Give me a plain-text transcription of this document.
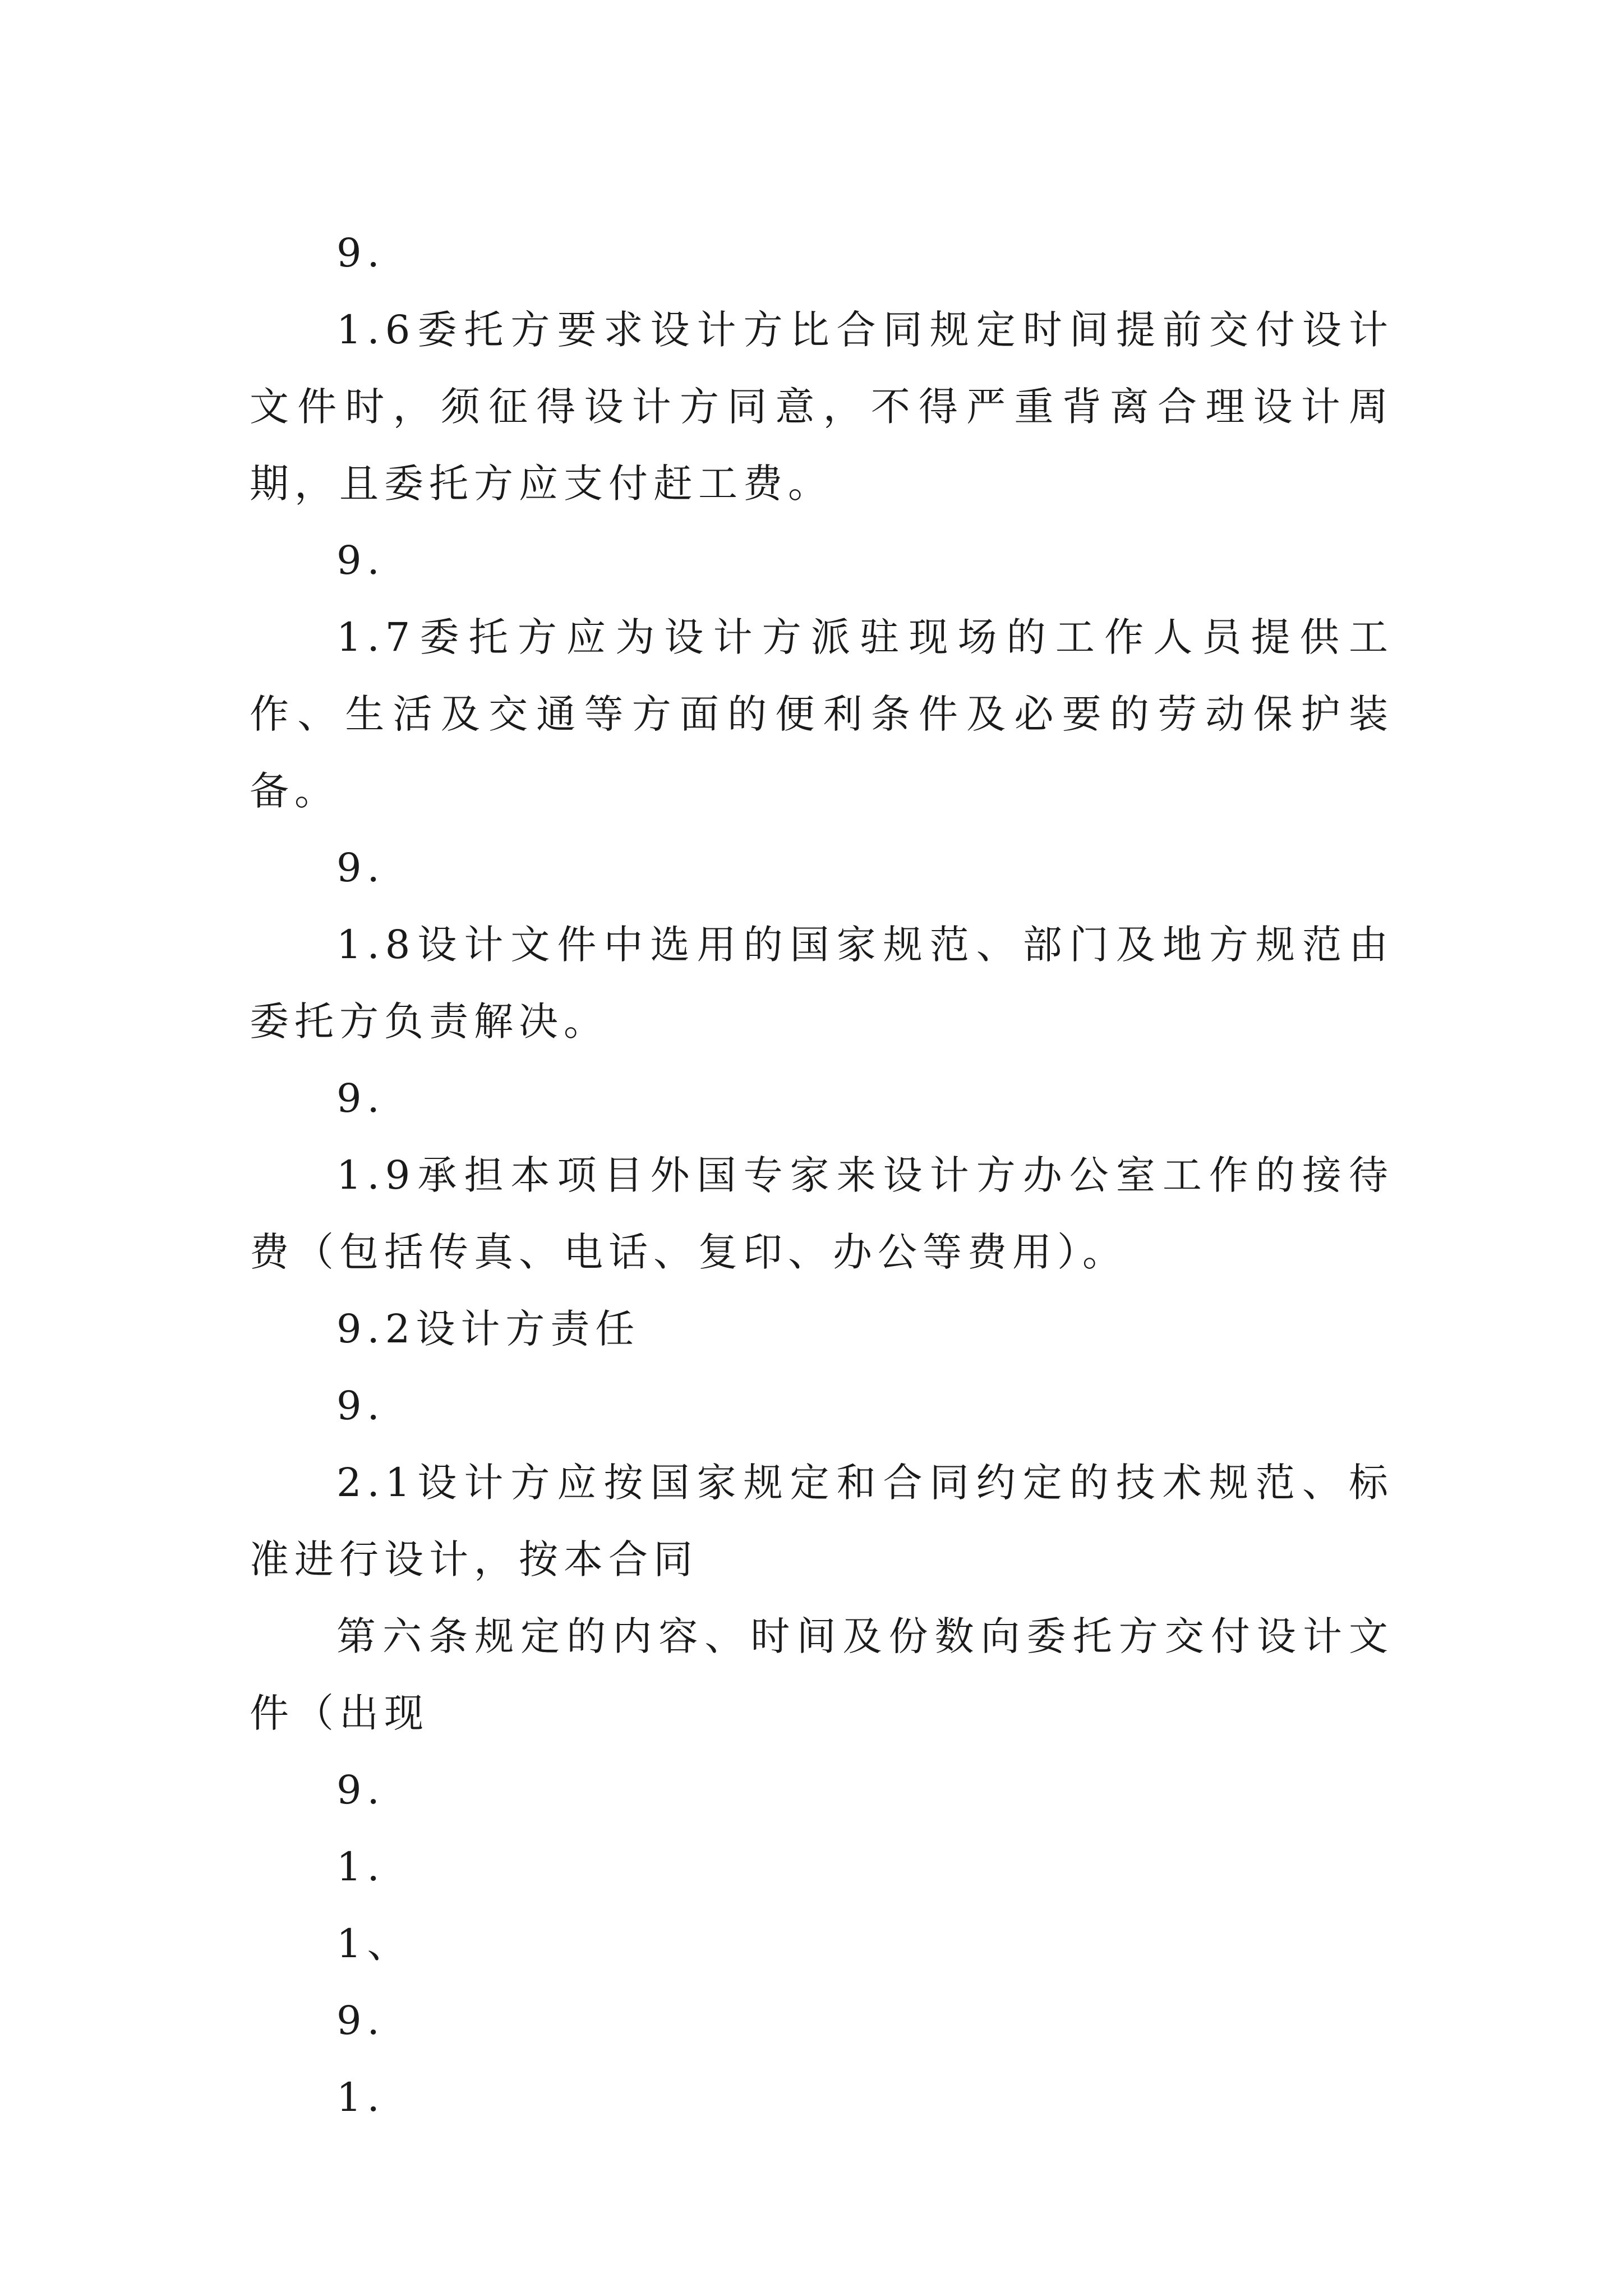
9.

1.6委托方要求设计方比合同规定时间提前交付设计文件时，须征得设计方同意，不得严重背离合理设计周期，且委托方应支付赶工费。

9.

1.7委托方应为设计方派驻现场的工作人员提供工作、生活及交通等方面的便利条件及必要的劳动保护装备。

9.

1.8设计文件中选用的国家规范、部门及地方规范由委托方负责解决。

9.

1.9承担本项目外国专家来设计方办公室工作的接待费（包括传真、电话、复印、办公等费用）。

9.2设计方责任

9.

2.1设计方应按国家规定和合同约定的技术规范、标准进行设计，按本合同

第六条规定的内容、时间及份数向委托方交付设计文件（出现

9.

1.

1、

9.

1.
